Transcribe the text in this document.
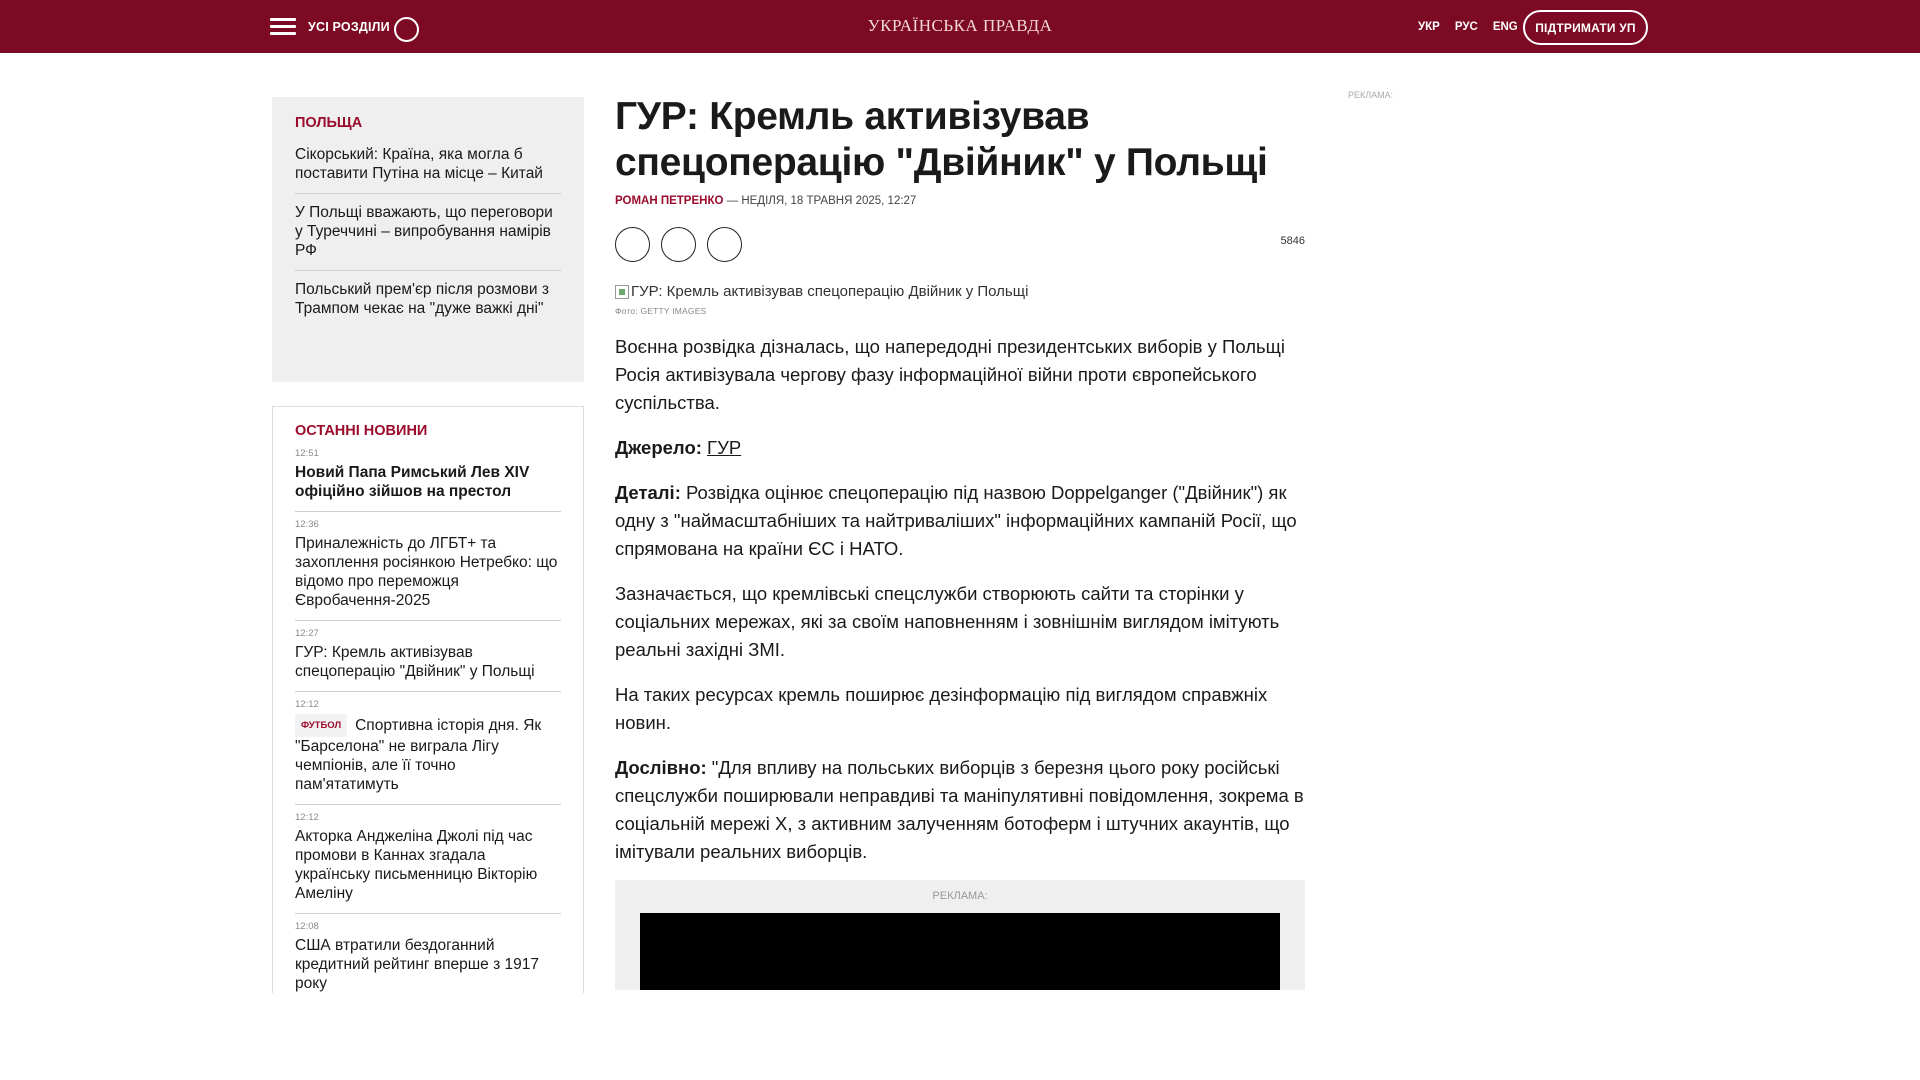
УСІ РОЗДІЛИ	УКРАЇНСЬКА ПРАВДА	УКР РУС ENG	ПІДТРИМАТИ УП
ПОЛЬЩА
Сікорський: Країна, яка могла б поставити Путіна на місце – Китай
У Польщі вважають, що переговори у Туреччині – випробування намірів РФ
Польський прем'єр після розмови з Трампом чекає на "дуже важкі дні"
ОСТАННІ НОВИНИ
12:51
Новий Папа Римський Лев XIV офіційно зійшов на престол
12:36
Приналежність до ЛГБТ+ та захоплення росіянкою Нетребко: що відомо про переможця Євробачення-2025
12:27
ГУР: Кремль активізував спецоперацію "Двійник" у Польщі
12:12
ФУТБОЛ Спортивна історія дня. Як "Барселона" не виграла Лігу чемпіонів, але її точно пам'ятатимуть
12:12
Акторка Анджеліна Джолі під час промови в Каннах згадала українську письменницю Вікторію Амеліну
12:08
США втратили бездоганний кредитний рейтинг вперше з 1917 року
ГУР: Кремль активізував спецоперацію "Двійник" у Польщі
РОМАН ПЕТРЕНКО — НЕДІЛЯ, 18 ТРАВНЯ 2025, 12:27
5846
ГУР: Кремль активізував спецоперацію Двійник у Польщі
Фото: GETTY IMAGES

Воєнна розвідка дізналась, що напередодні президентських виборів у Польщі Росія активізувала чергову фазу інформаційної війни проти європейського суспільства.

Джерело: ГУР

Деталі: Розвідка оцінює спецоперацію під назвою Doppelganger ("Двійник") як одну з "наймасштабніших та найтриваліших" інформаційних кампаній Росії, що спрямована на країни ЄС і НАТО.

Зазначається, що кремлівські спецслужби створюють сайти та сторінки у соціальних мережах, які за своїм наповненням і зовнішнім виглядом імітують реальні західні ЗМІ.

На таких ресурсах кремль поширює дезінформацію під виглядом справжніх новин.

Дослівно: "Для впливу на польських виборців з березня цього року російські спецслужби поширювали неправдиві та маніпулятивні повідомлення, зокрема в соціальній мережі X, з активним залученням ботоферм і штучних акаунтів, що імітували реальних виборців.

РЕКЛАМА:
РЕКЛАМА:
